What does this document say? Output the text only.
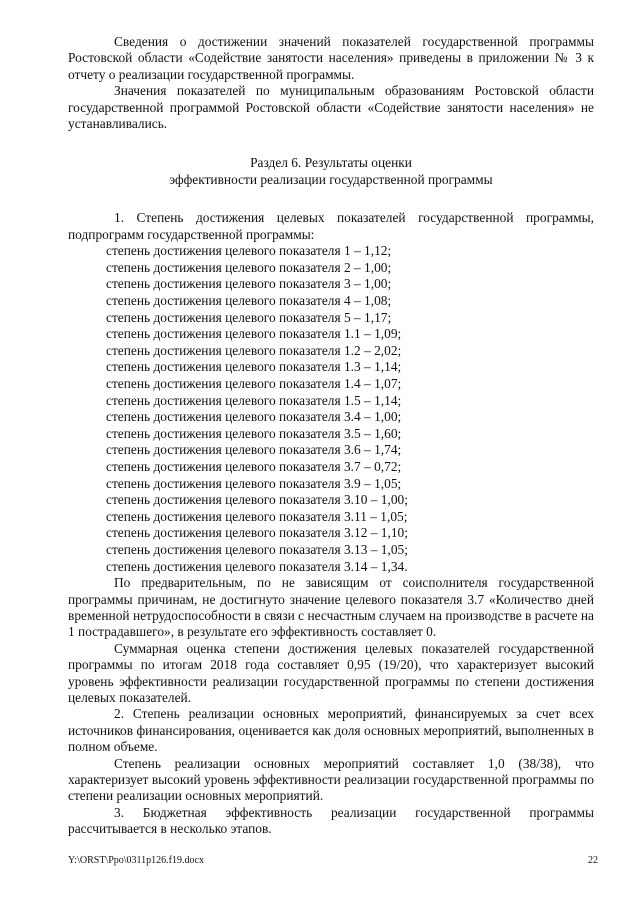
Сведения о достижении значений показателей государственной программы Ростовской области «Содействие занятости населения» приведены в приложении № 3 к отчету о реализации государственной программы.

Значения показателей по муниципальным образованиям Ростовской области государственной программой Ростовской области «Содействие занятости населения» не устанавливались.

Раздел 6. Результаты оценки
эффективности реализации государственной программы

1. Степень достижения целевых показателей государственной программы, подпрограмм государственной программы:

степень достижения целевого показателя 1 – 1,12;
степень достижения целевого показателя 2 – 1,00;
степень достижения целевого показателя 3 – 1,00;
степень достижения целевого показателя 4 – 1,08;
степень достижения целевого показателя 5 – 1,17;
степень достижения целевого показателя 1.1 – 1,09;
степень достижения целевого показателя 1.2 – 2,02;
степень достижения целевого показателя 1.3 – 1,14;
степень достижения целевого показателя 1.4 – 1,07;
степень достижения целевого показателя 1.5 – 1,14;
степень достижения целевого показателя 3.4 – 1,00;
степень достижения целевого показателя 3.5 – 1,60;
степень достижения целевого показателя 3.6 – 1,74;
степень достижения целевого показателя 3.7 – 0,72;
степень достижения целевого показателя 3.9 – 1,05;
степень достижения целевого показателя 3.10 – 1,00;
степень достижения целевого показателя 3.11 – 1,05;
степень достижения целевого показателя 3.12 – 1,10;
степень достижения целевого показателя 3.13 – 1,05;
степень достижения целевого показателя 3.14 – 1,34.

По предварительным, по не зависящим от соисполнителя государственной программы причинам, не достигнуто значение целевого показателя 3.7 «Количество дней временной нетрудоспособности в связи с несчастным случаем на производстве в расчете на 1 пострадавшего», в результате его эффективность составляет 0.

Суммарная оценка степени достижения целевых показателей государственной программы по итогам 2018 года составляет 0,95 (19/20), что характеризует высокий уровень эффективности реализации государственной программы по степени достижения целевых показателей.

2. Степень реализации основных мероприятий, финансируемых за счет всех источников финансирования, оценивается как доля основных мероприятий, выполненных в полном объеме.

Степень реализации основных мероприятий составляет 1,0 (38/38), что характеризует высокий уровень эффективности реализации государственной программы по степени реализации основных мероприятий.

3. Бюджетная эффективность реализации государственной программы рассчитывается в несколько этапов.

Y:\ORST\Ppo\0311p126.f19.docx	22
